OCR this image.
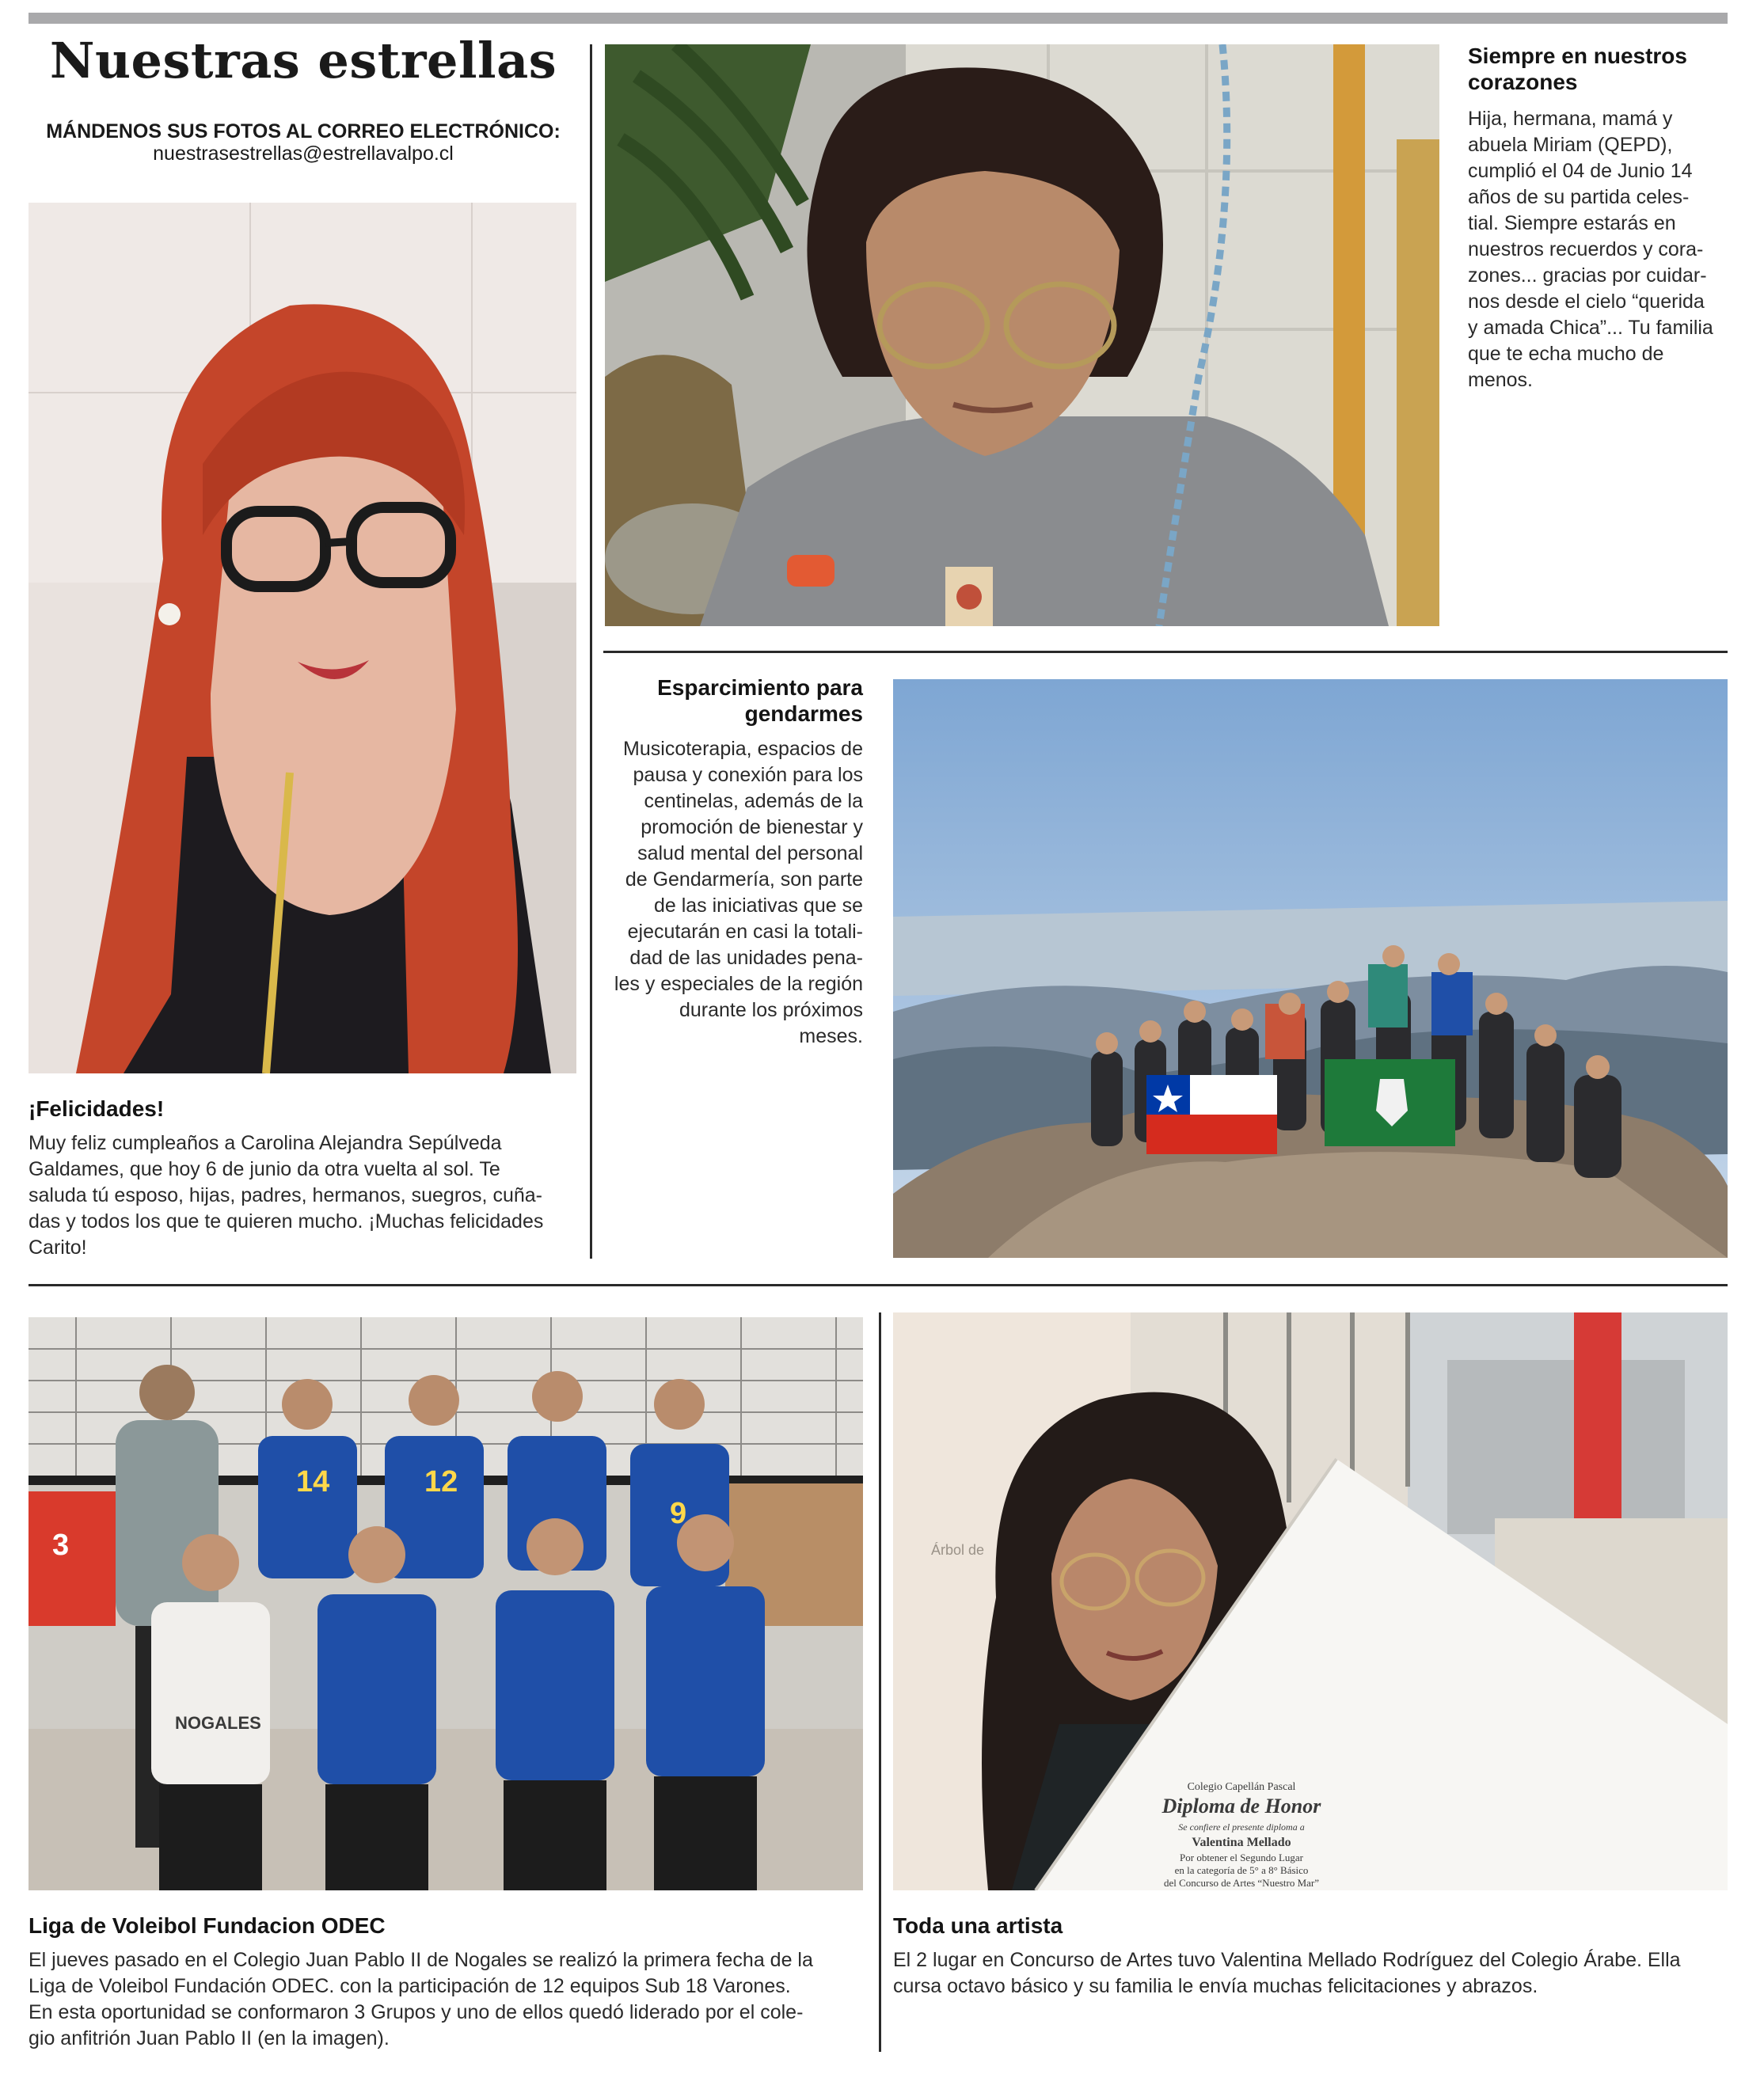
Nuestras estrellas
MÁNDENOS SUS FOTOS AL CORREO ELECTRÓNICO:
nuestrasestrellas@estrellavalpo.cl
¡Felicidades!
Muy feliz cumpleaños a Carolina Alejandra Sepúlveda
Galdames, que hoy 6 de junio da otra vuelta al sol. Te
saluda tú esposo, hijas, padres, hermanos, suegros, cuña-
das y todos los que te quieren mucho. ¡Muchas felicidades
Carito!
Siempre en nuestros
corazones
Hija, hermana, mamá y
abuela Miriam (QEPD),
cumplió el 04 de Junio 14
años de su partida celes-
tial. Siempre estarás en
nuestros recuerdos y cora-
zones... gracias por cuidar-
nos desde el cielo “querida
y amada Chica”... Tu familia
que te echa mucho de
menos.
Esparcimiento para
gendarmes
Musicoterapia, espacios de
pausa y conexión para los
centinelas, además de la
promoción de bienestar y
salud mental del personal
de Gendarmería, son parte
de las iniciativas que se
ejecutarán en casi la totali-
dad de las unidades pena-
les y especiales de la región
durante los próximos
meses.
14	12
9
3
NOGALES
Liga de Voleibol Fundacion ODEC
El jueves pasado en el Colegio Juan Pablo II de Nogales se realizó la primera fecha de la
Liga de Voleibol Fundación ODEC. con la participación de 12 equipos Sub 18 Varones.
En esta oportunidad se conformaron 3 Grupos y uno de ellos quedó liderado por el cole-
gio anfitrión Juan Pablo II (en la imagen).
Colegio Capellán Pascal
Diploma de Honor
Se confiere el presente diploma a
Valentina Mellado
Por obtener el Segundo Lugar
en la categoría de 5° a 8° Básico
del Concurso de Artes “Nuestro Mar”
Árbol de
Toda una artista
El 2 lugar en Concurso de Artes tuvo Valentina Mellado Rodríguez del Colegio Árabe. Ella
cursa octavo básico y su familia le envía muchas felicitaciones y abrazos.
